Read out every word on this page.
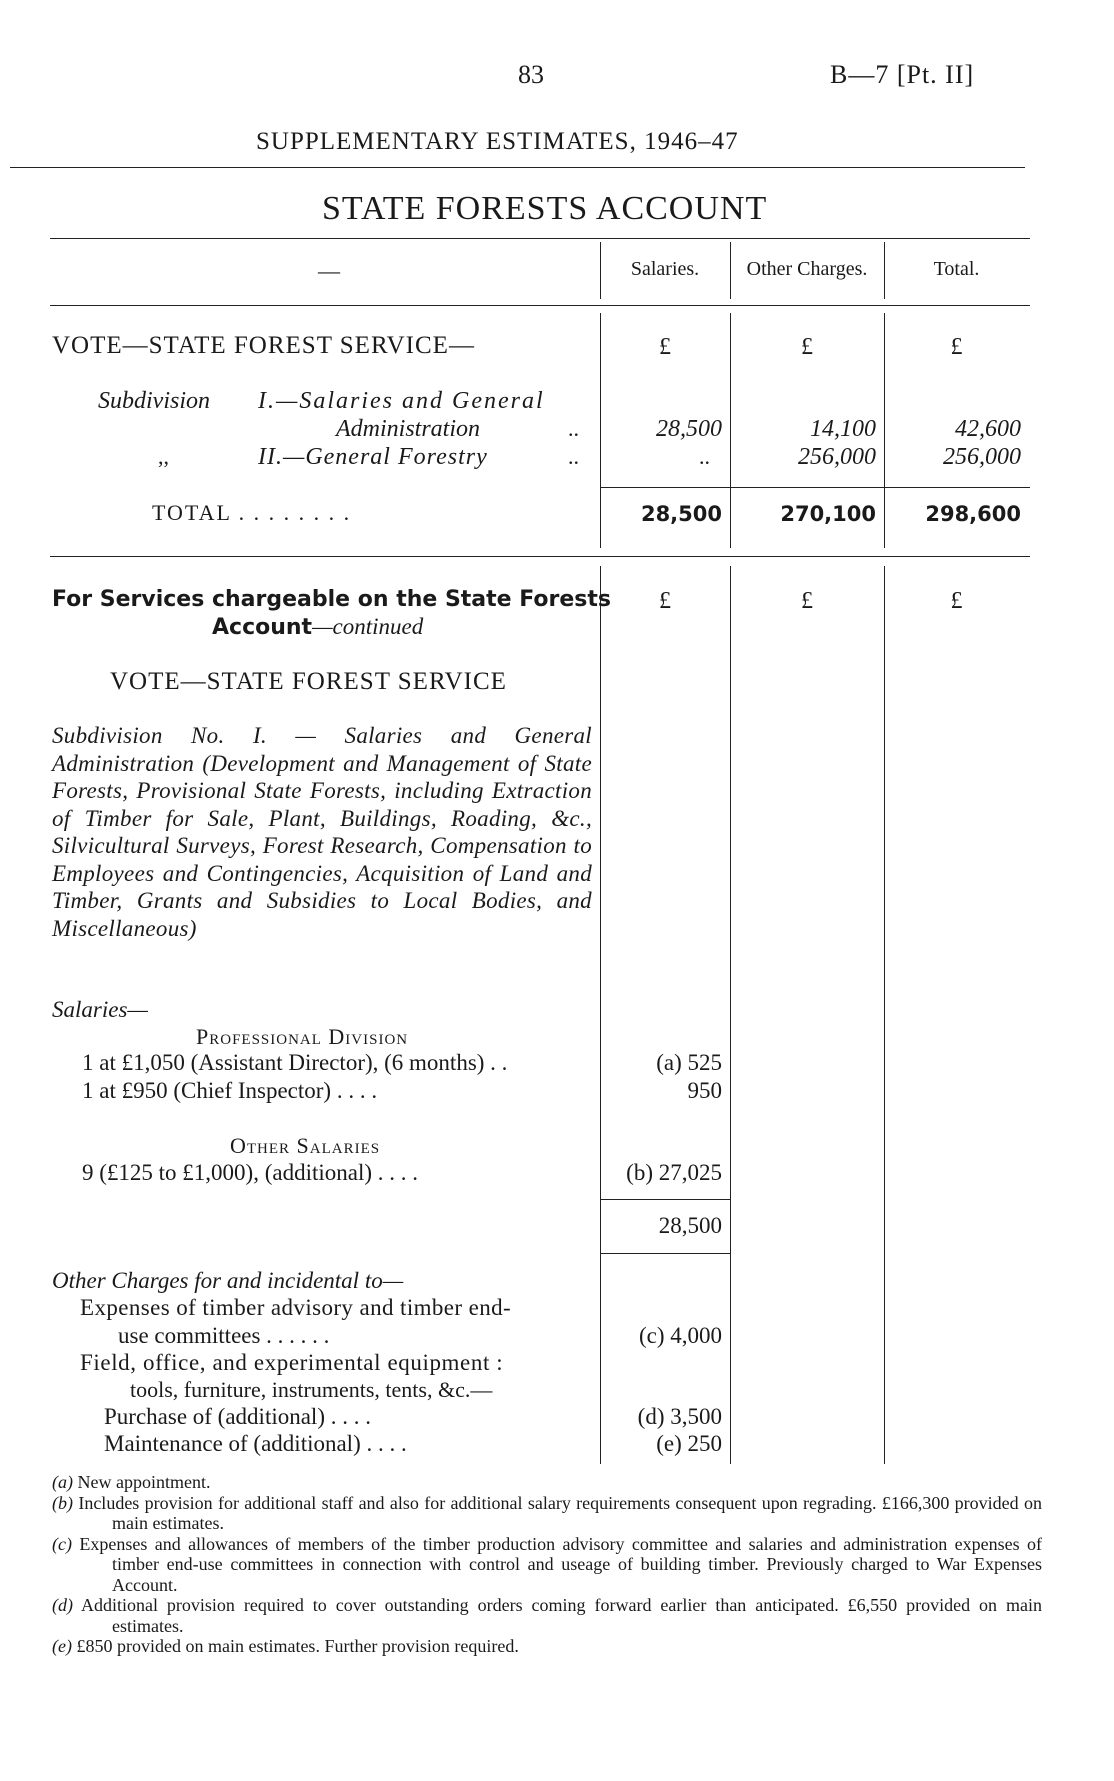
83	B—7 [Pt. II]
SUPPLEMENTARY ESTIMATES, 1946–47
STATE FORESTS ACCOUNT
—	Salaries.	Other Charges.	Total.
VOTE—STATE FOREST SERVICE—	£	£	£
Subdivision I.—Salaries and General
Administration	..	28,500	14,100	42,600
,,	II.—General Forestry	..	..	256,000	256,000
TOTAL . . . . . . . .	28,500	270,100	298,600
For Services chargeable on the State Forests
Account—continued
£	£	£
VOTE—STATE FOREST SERVICE
Subdivision No. I. — Salaries and General Administration (Development and Management of State Forests, Provisional State Forests, including Extraction of Timber for Sale, Plant, Buildings, Roading, &c., Silvicultural Surveys, Forest Research, Compensation to Employees and Contingencies, Acquisition of Land and Timber, Grants and Subsidies to Local Bodies, and Miscellaneous)
Salaries—
Professional Division
1 at £1,050 (Assistant Director), (6 months) . .	(a) 525
1 at £950 (Chief Inspector) . . . .	950
Other Salaries
9 (£125 to £1,000), (additional) . . . .	(b) 27,025
28,500
Other Charges for and incidental to—
Expenses of timber advisory and timber end-
use committees . . . . . .	(c) 4,000
Field, office, and experimental equipment :
tools, furniture, instruments, tents, &c.—
Purchase of (additional) . . . .	(d) 3,500
Maintenance of (additional) . . . .	(e) 250
(a) New appointment.
(b) Includes provision for additional staff and also for additional salary requirements consequent upon regrading. £166,300 provided on main estimates.
(c) Expenses and allowances of members of the timber production advisory committee and salaries and administration expenses of timber end-use committees in connection with control and useage of building timber. Previously charged to War Expenses Account.
(d) Additional provision required to cover outstanding orders coming forward earlier than anticipated. £6,550 provided on main estimates.
(e) £850 provided on main estimates. Further provision required.
